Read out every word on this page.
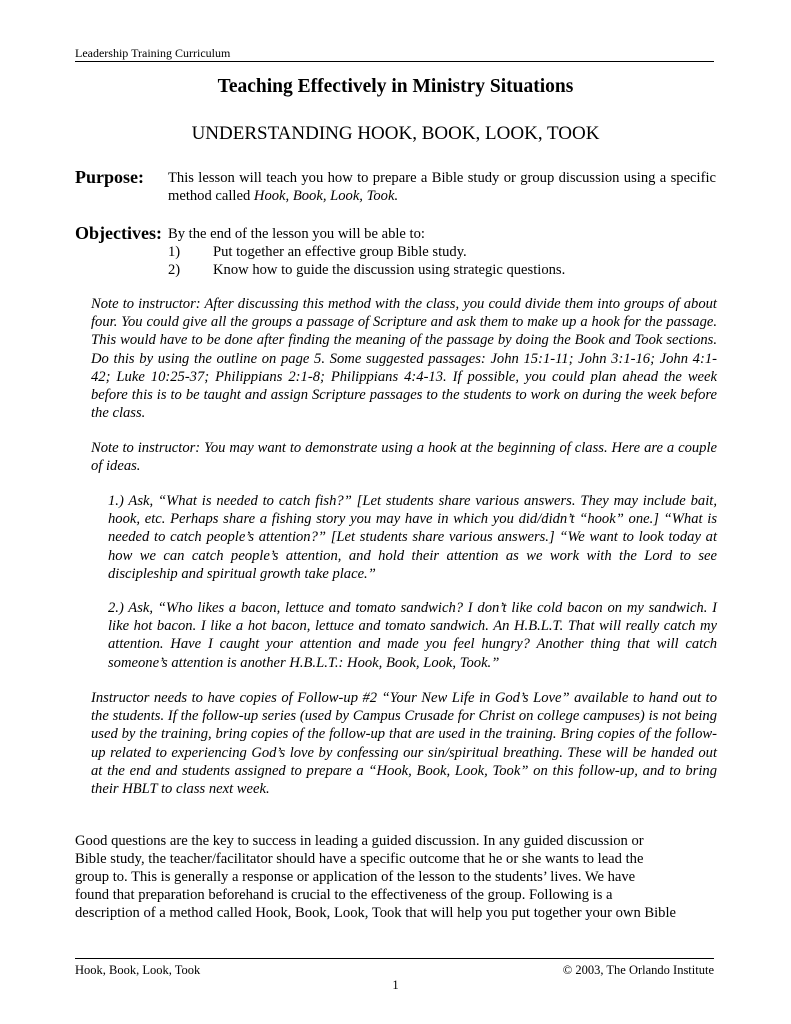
Leadership Training Curriculum
Teaching Effectively in Ministry Situations
UNDERSTANDING HOOK, BOOK, LOOK, TOOK
Purpose: This lesson will teach you how to prepare a Bible study or group discussion using a specific method called Hook, Book, Look, Took.
Objectives: By the end of the lesson you will be able to:
1) Put together an effective group Bible study.
2) Know how to guide the discussion using strategic questions.
Note to instructor: After discussing this method with the class, you could divide them into groups of about four. You could give all the groups a passage of Scripture and ask them to make up a hook for the passage. This would have to be done after finding the meaning of the passage by doing the Book and Took sections. Do this by using the outline on page 5. Some suggested passages: John 15:1-11; John 3:1-16; John 4:1-42; Luke 10:25-37; Philippians 2:1-8; Philippians 4:4-13. If possible, you could plan ahead the week before this is to be taught and assign Scripture passages to the students to work on during the week before the class.
Note to instructor: You may want to demonstrate using a hook at the beginning of class. Here are a couple of ideas.
1.) Ask, “What is needed to catch fish?” [Let students share various answers. They may include bait, hook, etc. Perhaps share a fishing story you may have in which you did/didn’t “hook” one.] “What is needed to catch people’s attention?” [Let students share various answers.] “We want to look today at how we can catch people’s attention, and hold their attention as we work with the Lord to see discipleship and spiritual growth take place.”
2.) Ask, “Who likes a bacon, lettuce and tomato sandwich? I don’t like cold bacon on my sandwich. I like hot bacon. I like a hot bacon, lettuce and tomato sandwich. An H.B.L.T. That will really catch my attention. Have I caught your attention and made you feel hungry? Another thing that will catch someone’s attention is another H.B.L.T.: Hook, Book, Look, Took.”
Instructor needs to have copies of Follow-up #2 “Your New Life in God’s Love” available to hand out to the students. If the follow-up series (used by Campus Crusade for Christ on college campuses) is not being used by the training, bring copies of the follow-up that are used in the training. Bring copies of the follow-up related to experiencing God’s love by confessing our sin/spiritual breathing. These will be handed out at the end and students assigned to prepare a “Hook, Book, Look, Took” on this follow-up, and to bring their HBLT to class next week.
Good questions are the key to success in leading a guided discussion. In any guided discussion or
Bible study, the teacher/facilitator should have a specific outcome that he or she wants to lead the
group to. This is generally a response or application of the lesson to the students’ lives. We have
found that preparation beforehand is crucial to the effectiveness of the group. Following is a
description of a method called Hook, Book, Look, Took that will help you put together your own Bible
Hook, Book, Look, Took	© 2003, The Orlando Institute
1
